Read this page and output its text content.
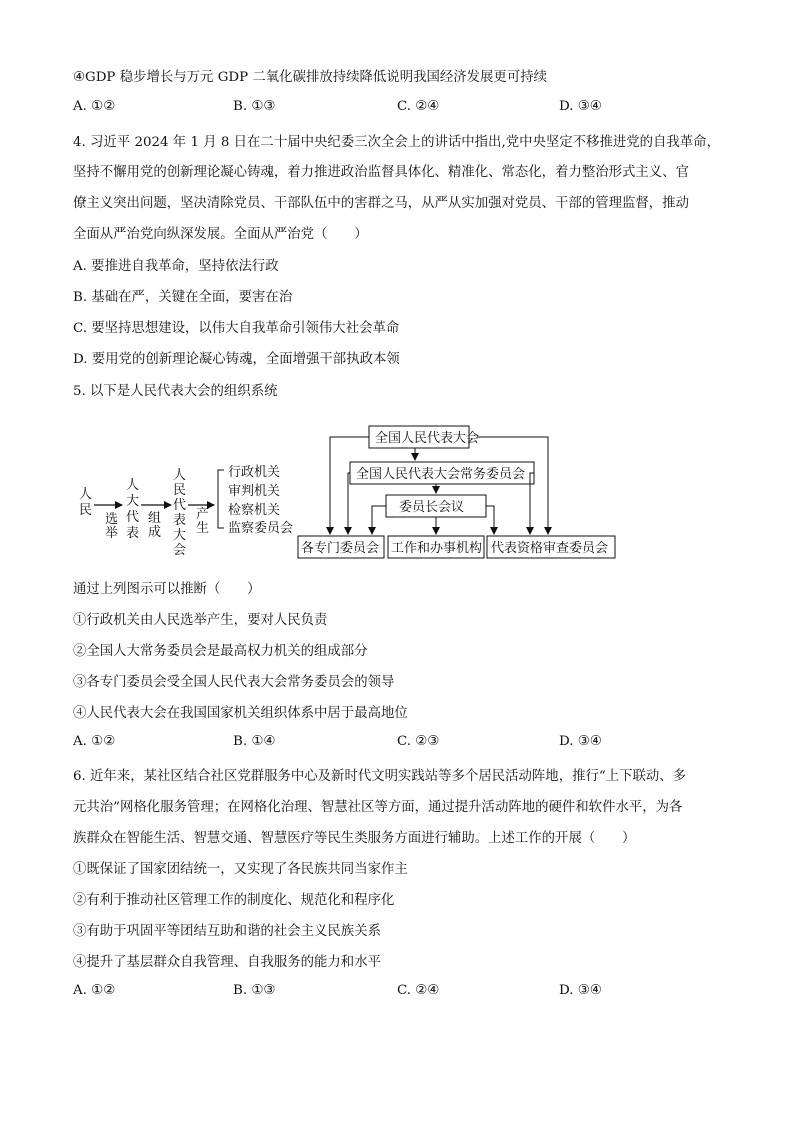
④GDP 稳步增长与万元 GDP 二氧化碳排放持续降低说明我国经济发展更可持续
A. ①②	B. ①③	C. ②④	D. ③④
4. 习近平 2024 年 1 月 8 日在二十届中央纪委三次全会上的讲话中指出,党中央坚定不移推进党的自我革命，
坚持不懈用党的创新理论凝心铸魂，着力推进政治监督具体化、精准化、常态化，着力整治形式主义、官
僚主义突出问题，坚决清除党员、干部队伍中的害群之马，从严从实加强对党员、干部的管理监督，推动
全面从严治党向纵深发展。全面从严治党（　　）
A. 要推进自我革命，坚持依法行政
B. 基础在严，关键在全面，要害在治
C. 要坚持思想建设，以伟大自我革命引领伟大社会革命
D. 要用党的创新理论凝心铸魂，全面增强干部执政本领
5. 以下是人民代表大会的组织系统
人
民
选举
人大代表
组成
人民代表大会
产生
行政机关
审判机关
检察机关
监察委员会
全国人民代表大会
全国人民代表大会常务委员会
委员长会议
各专门委员会 工作和办事机构 代表资格审查委员会
通过上列图示可以推断（　　）
①行政机关由人民选举产生，要对人民负责
②全国人大常务委员会是最高权力机关的组成部分
③各专门委员会受全国人民代表大会常务委员会的领导
④人民代表大会在我国国家机关组织体系中居于最高地位
A. ①②	B. ①④	C. ②③	D. ③④
6. 近年来，某社区结合社区党群服务中心及新时代文明实践站等多个居民活动阵地，推行“上下联动、多
元共治”网格化服务管理；在网格化治理、智慧社区等方面，通过提升活动阵地的硬件和软件水平，为各
族群众在智能生活、智慧交通、智慧医疗等民生类服务方面进行辅助。上述工作的开展（　　）
①既保证了国家团结统一，又实现了各民族共同当家作主
②有利于推动社区管理工作的制度化、规范化和程序化
③有助于巩固平等团结互助和谐的社会主义民族关系
④提升了基层群众自我管理、自我服务的能力和水平
A. ①②	B. ①③	C. ②④	D. ③④
